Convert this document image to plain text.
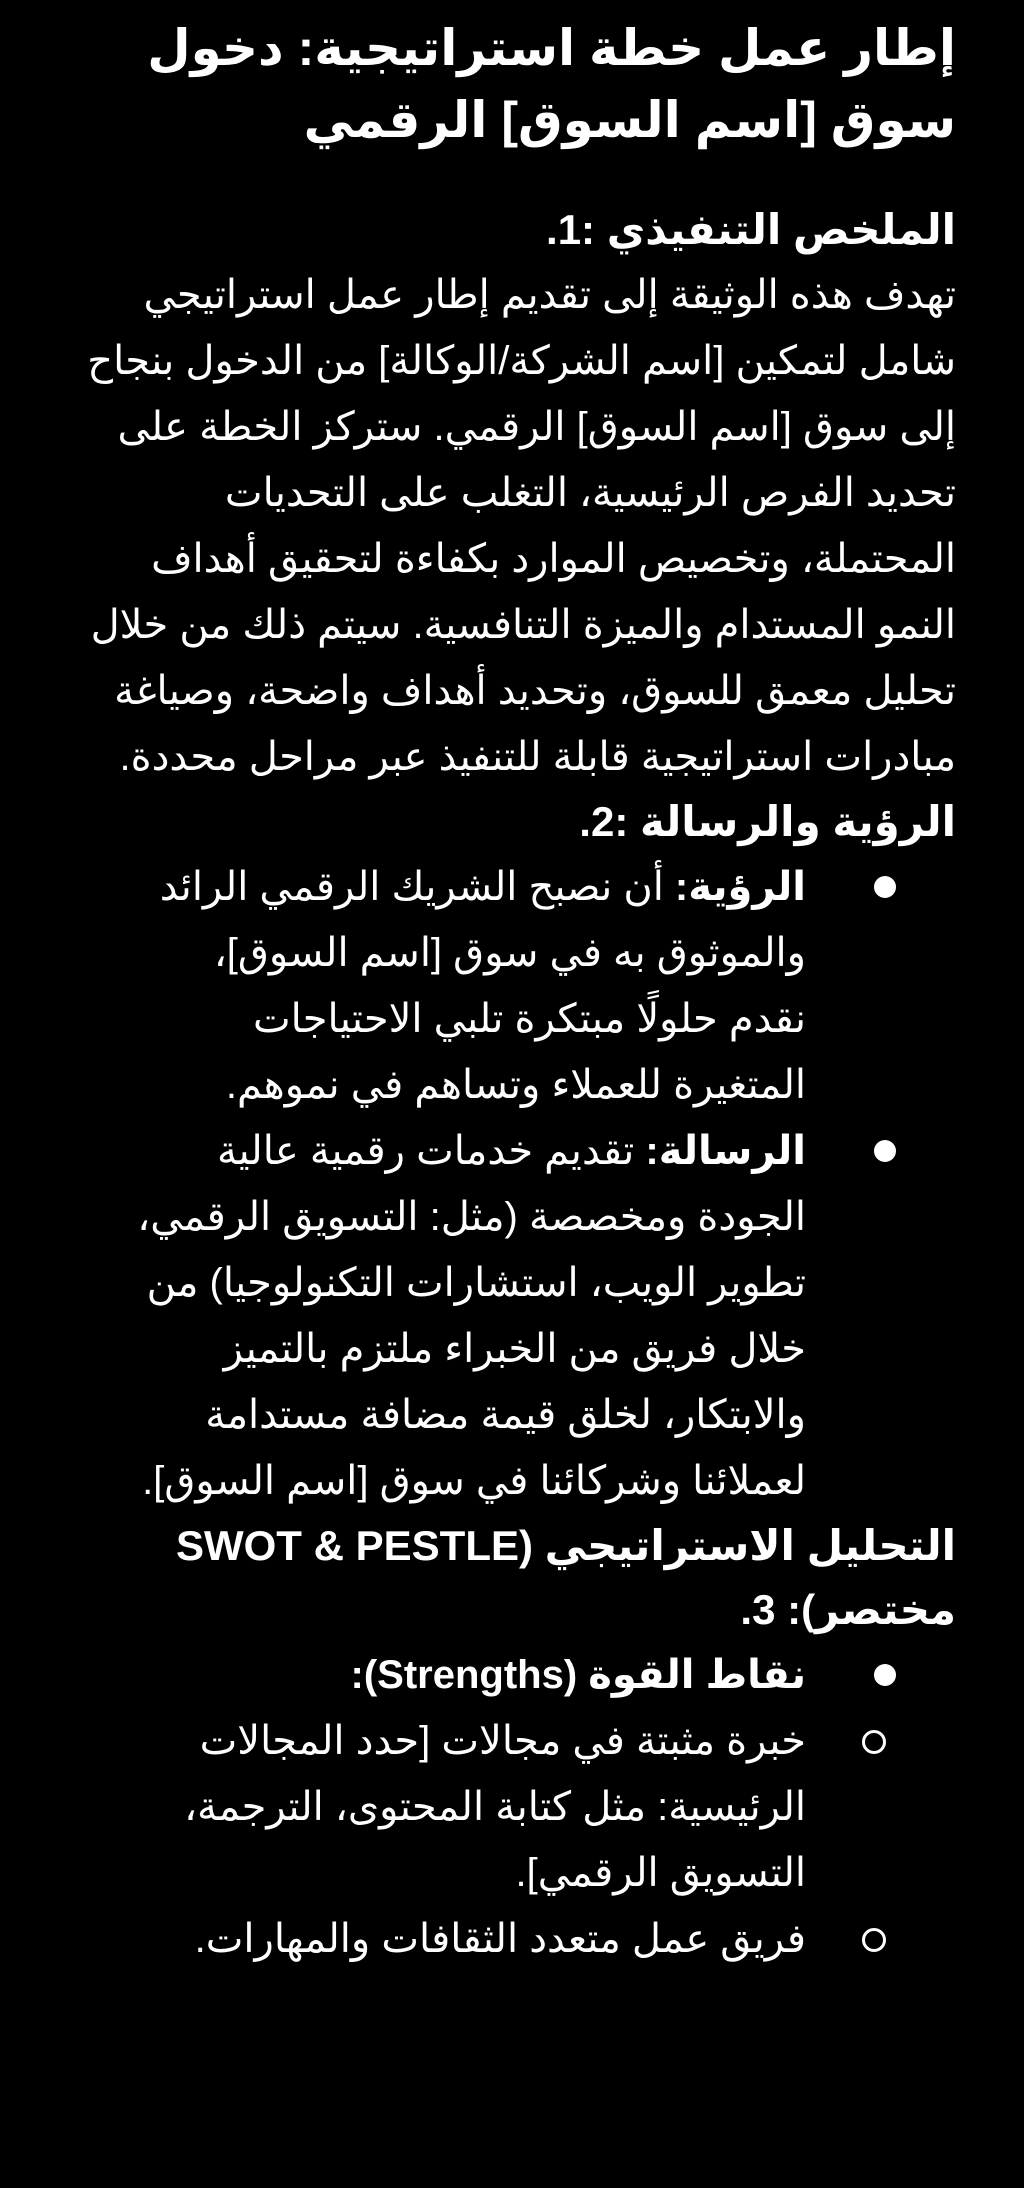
إطار عمل خطة استراتيجية: دخول سوق [اسم السوق] الرقمي
الملخص التنفيذي :1.

تهدف هذه الوثيقة إلى تقديم إطار عمل استراتيجي شامل لتمكين [اسم الشركة/الوكالة] من الدخول بنجاح إلى سوق [اسم السوق] الرقمي. ستركز الخطة على تحديد الفرص الرئيسية، التغلب على التحديات المحتملة، وتخصيص الموارد بكفاءة لتحقيق أهداف النمو المستدام والميزة التنافسية. سيتم ذلك من خلال تحليل معمق للسوق، وتحديد أهداف واضحة، وصياغة مبادرات استراتيجية قابلة للتنفيذ عبر مراحل محددة.

الرؤية والرسالة :2.
الرؤية: أن نصبح الشريك الرقمي الرائد والموثوق به في سوق [اسم السوق]، نقدم حلولًا مبتكرة تلبي الاحتياجات المتغيرة للعملاء وتساهم في نموهم.
الرسالة: تقديم خدمات رقمية عالية الجودة ومخصصة (مثل: التسويق الرقمي، تطوير الويب، استشارات التكنولوجيا) من خلال فريق من الخبراء ملتزم بالتميز والابتكار، لخلق قيمة مضافة مستدامة لعملائنا وشركائنا في سوق [اسم السوق].
التحليل الاستراتيجي (SWOT & PESTLE مختصر): 3.
نقاط القوة (Strengths):
خبرة مثبتة في مجالات [حدد المجالات الرئيسية: مثل كتابة المحتوى، الترجمة، التسويق الرقمي].
فريق عمل متعدد الثقافات والمهارات.
